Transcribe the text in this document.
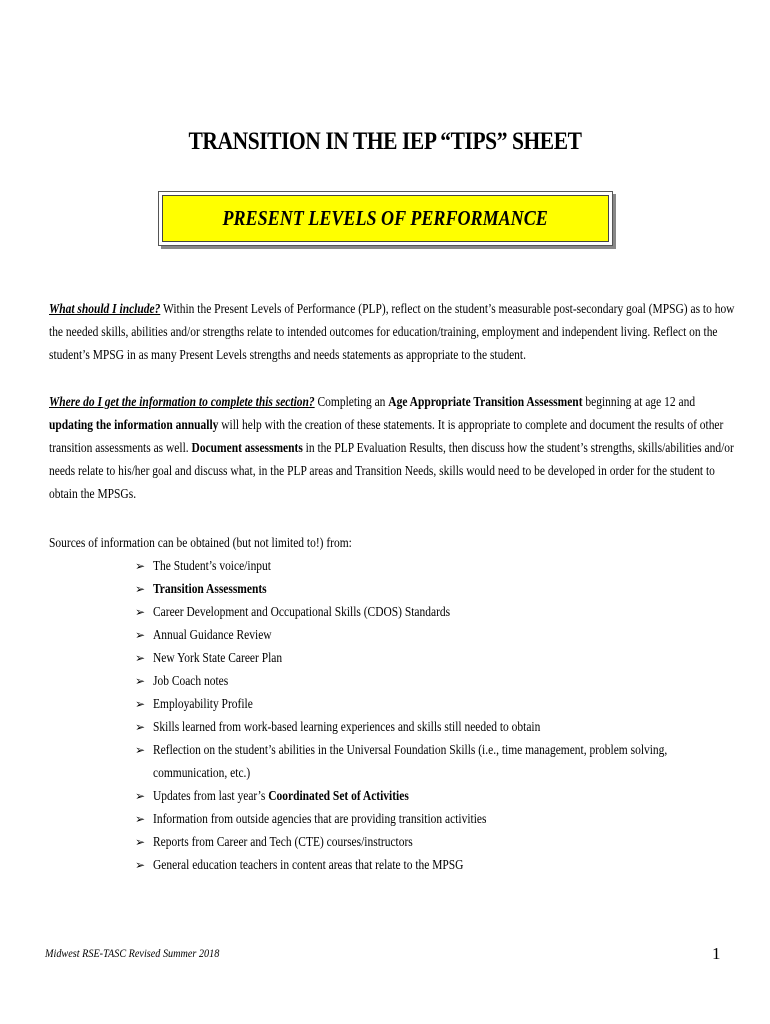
TRANSITION IN THE IEP “TIPS” SHEET
PRESENT LEVELS OF PERFORMANCE
What should I include? Within the Present Levels of Performance (PLP), reflect on the student’s measurable post-secondary goal (MPSG) as to how the needed skills, abilities and/or strengths relate to intended outcomes for education/training, employment and independent living. Reflect on the student’s MPSG in as many Present Levels strengths and needs statements as appropriate to the student.
Where do I get the information to complete this section? Completing an Age Appropriate Transition Assessment beginning at age 12 and updating the information annually will help with the creation of these statements. It is appropriate to complete and document the results of other transition assessments as well. Document assessments in the PLP Evaluation Results, then discuss how the student’s strengths, skills/abilities and/or needs relate to his/her goal and discuss what, in the PLP areas and Transition Needs, skills would need to be developed in order for the student to obtain the MPSGs.
Sources of information can be obtained (but not limited to!) from:
➢ The Student’s voice/input
➢ Transition Assessments
➢ Career Development and Occupational Skills (CDOS) Standards
➢ Annual Guidance Review
➢ New York State Career Plan
➢ Job Coach notes
➢ Employability Profile
➢ Skills learned from work-based learning experiences and skills still needed to obtain
➢ Reflection on the student’s abilities in the Universal Foundation Skills (i.e., time management, problem solving, communication, etc.)
➢ Updates from last year’s Coordinated Set of Activities
➢ Information from outside agencies that are providing transition activities
➢ Reports from Career and Tech (CTE) courses/instructors
➢ General education teachers in content areas that relate to the MPSG
Midwest RSE-TASC Revised Summer 2018	1
